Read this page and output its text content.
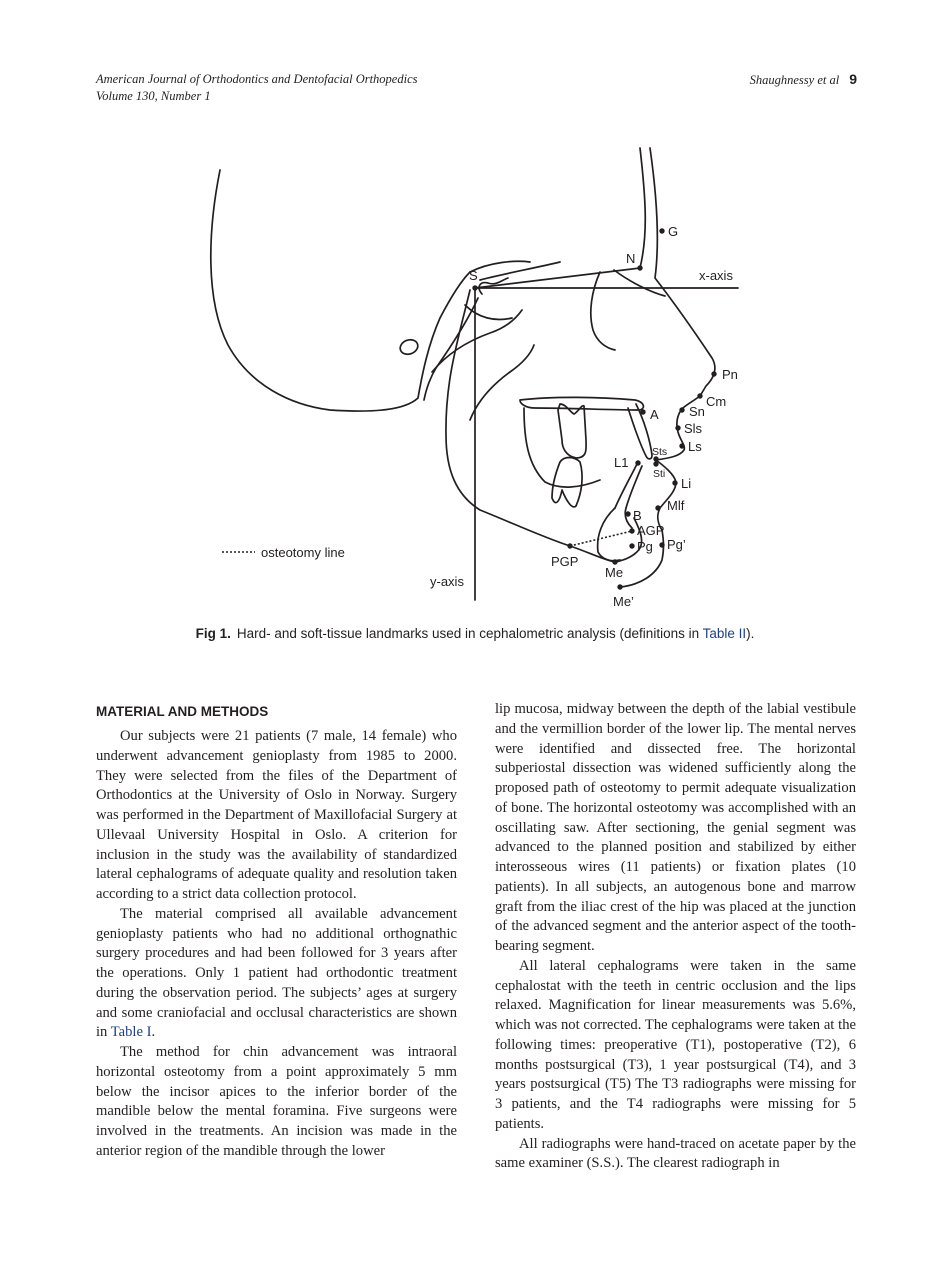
American Journal of Orthodontics and Dentofacial Orthopedics
Volume 130, Number 1
Shaughnessy et al 9
G
N
S	x-axis
Pn
Cm
Sn
A
Sls
Ls
Sts
Sti
L1
Li
Mlf
B
AGP
Pg Pg’
PGP
Me
Me’
y-axis
osteotomy line
Fig 1. Hard- and soft-tissue landmarks used in cephalometric analysis (definitions in Table II).
MATERIAL AND METHODS

Our subjects were 21 patients (7 male, 14 female) who underwent advancement genioplasty from 1985 to 2000. They were selected from the files of the Department of Orthodontics at the University of Oslo in Norway. Surgery was performed in the Department of Maxillofacial Surgery at Ullevaal University Hospital in Oslo. A criterion for inclusion in the study was the availability of standardized lateral cephalograms of adequate quality and resolution taken according to a strict data collection protocol.

The material comprised all available advancement genioplasty patients who had no additional orthognathic surgery procedures and had been followed for 3 years after the operations. Only 1 patient had orthodontic treatment during the observation period. The subjects’ ages at surgery and some craniofacial and occlusal characteristics are shown in Table I.

The method for chin advancement was intraoral horizontal osteotomy from a point approximately 5 mm below the incisor apices to the inferior border of the mandible below the mental foramina. Five surgeons were involved in the treatments. An incision was made in the anterior region of the mandible through the lower

lip mucosa, midway between the depth of the labial vestibule and the vermillion border of the lower lip. The mental nerves were identified and dissected free. The horizontal subperiostal dissection was widened sufficiently along the proposed path of osteotomy to permit adequate visualization of bone. The horizontal osteotomy was accomplished with an oscillating saw. After sectioning, the genial segment was advanced to the planned position and stabilized by either interosseous wires (11 patients) or fixation plates (10 patients). In all subjects, an autogenous bone and marrow graft from the iliac crest of the hip was placed at the junction of the advanced segment and the anterior aspect of the tooth-bearing segment.

All lateral cephalograms were taken in the same cephalostat with the teeth in centric occlusion and the lips relaxed. Magnification for linear measurements was 5.6%, which was not corrected. The cephalograms were taken at the following times: preoperative (T1), postoperative (T2), 6 months postsurgical (T3), 1 year postsurgical (T4), and 3 years postsurgical (T5) The T3 radiographs were missing for 3 patients, and the T4 radiographs were missing for 5 patients.

All radiographs were hand-traced on acetate paper by the same examiner (S.S.). The clearest radiograph in
